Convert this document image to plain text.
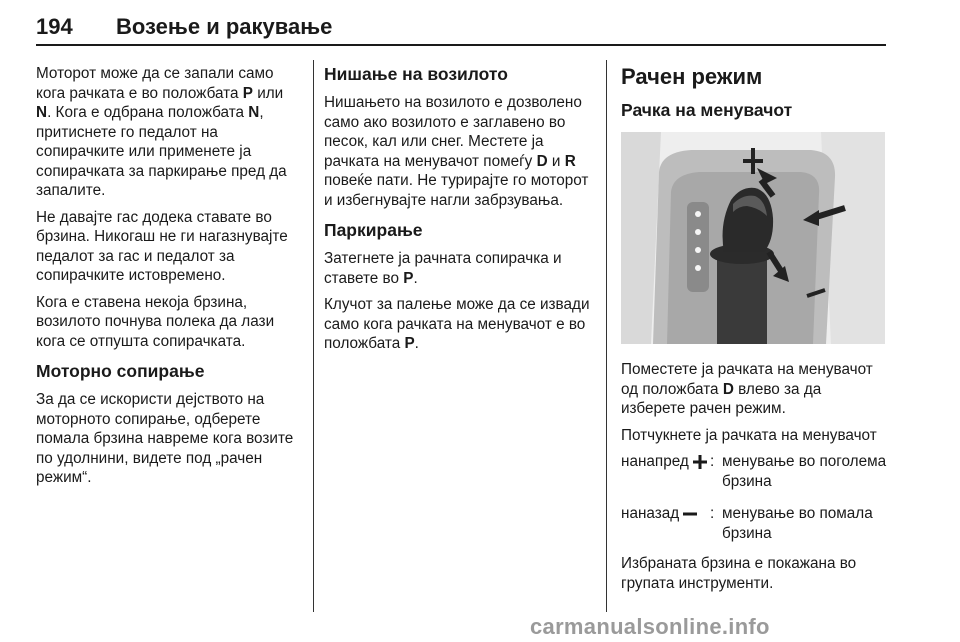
194 Возење и ракување

Моторот може да се запали само кога рачката е во положбата P или N. Кога е одбрана положбата N, притиснете го педалот на сопирачките или применете ја сопирачката за паркирање пред да запалите.

Не давајте гас додека ставате во брзина. Никогаш не ги нагазнувајте педалот за гас и педалот за сопирачките истовремено.

Кога е ставена некоја брзина, возилото почнува полека да лази кога се отпушта сопирачката.

Моторно сопирање

За да се искористи дејството на моторното сопирање, одберете помала брзина навреме кога возите по удолнини, видете под „рачен режим“.

Нишање на возилото

Нишањето на возилото е дозволено само ако возилото е заглавено во песок, кал или снег. Местете ја рачката на менувачот помеѓу D и R повеќе пати. Не турирајте го моторот и избегнувајте нагли забрзувања.

Паркирање

Затегнете ја рачната сопирачка и ставете во P.

Клучот за палење може да се извади само кога рачката на менувачот е во положбата P.

Рачен режим
Рачка на менувачот

Поместете ја рачката на менувачот од положбата D влево за да изберете рачен режим.

Потчукнете ја рачката на менувачот

нанапред	: менување во поголема брзина
наназад	: менување во помала брзина

Избраната брзина е покажана во групата инструменти.

carmanualsonline.info
